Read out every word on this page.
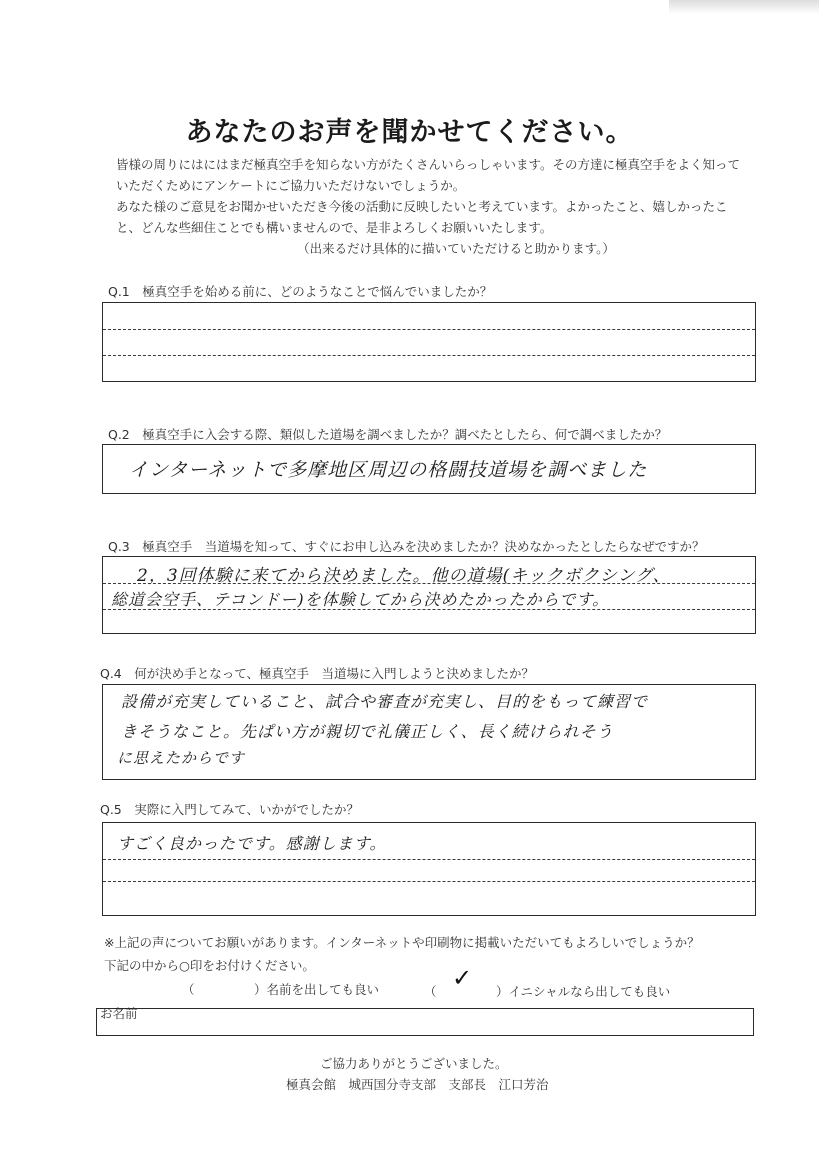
あなたのお声を聞かせてください。

皆様の周りにはにはまだ極真空手を知らない方がたくさんいらっしゃいます。その方達に極真空手をよく知って

いただくためにアンケートにご協力いただけないでしょうか。

あなた様のご意見をお聞かせいただき今後の活動に反映したいと考えています。よかったこと、嬉しかったこ

と、どんな些細住ことでも構いませんので、是非よろしくお願いいたします。

（出来るだけ具体的に描いていただけると助かります。）

Q.1　極真空手を始める前に、どのようなことで悩んでいましたか？
Q.2　極真空手に入会する際、類似した道場を調べましたか？調べたとしたら、何で調べましたか？
インターネットで多摩地区周辺の格闘技道場を調べました
Q.3　極真空手　当道場を知って、すぐにお申し込みを決めましたか？決めなかったとしたらなぜですか？
2，3回体験に来てから決めました。他の道場(キックボクシング、
総道会空手、テコンドー)を体験してから決めたかったからです。
Q.4　何が決め手となって、極真空手　当道場に入門しようと決めましたか？
設備が充実していること、試合や審査が充実し、目的をもって練習で
きそうなこと。先ぱい方が親切で礼儀正しく、長く続けられそう
に思えたからです
Q.5　実際に入門してみて、いかがでしたか？
すごく良かったです。感謝します。
※上記の声についてお願いがあります。インターネットや印刷物に掲載いただいてもよろしいでしょうか？
下記の中から○印をお付けください。
（	）名前を出しても良い	（ ✓ ）イニシャルなら出しても良い
お名前
ご協力ありがとうございました。
極真会館　城西国分寺支部　支部長　江口芳治
